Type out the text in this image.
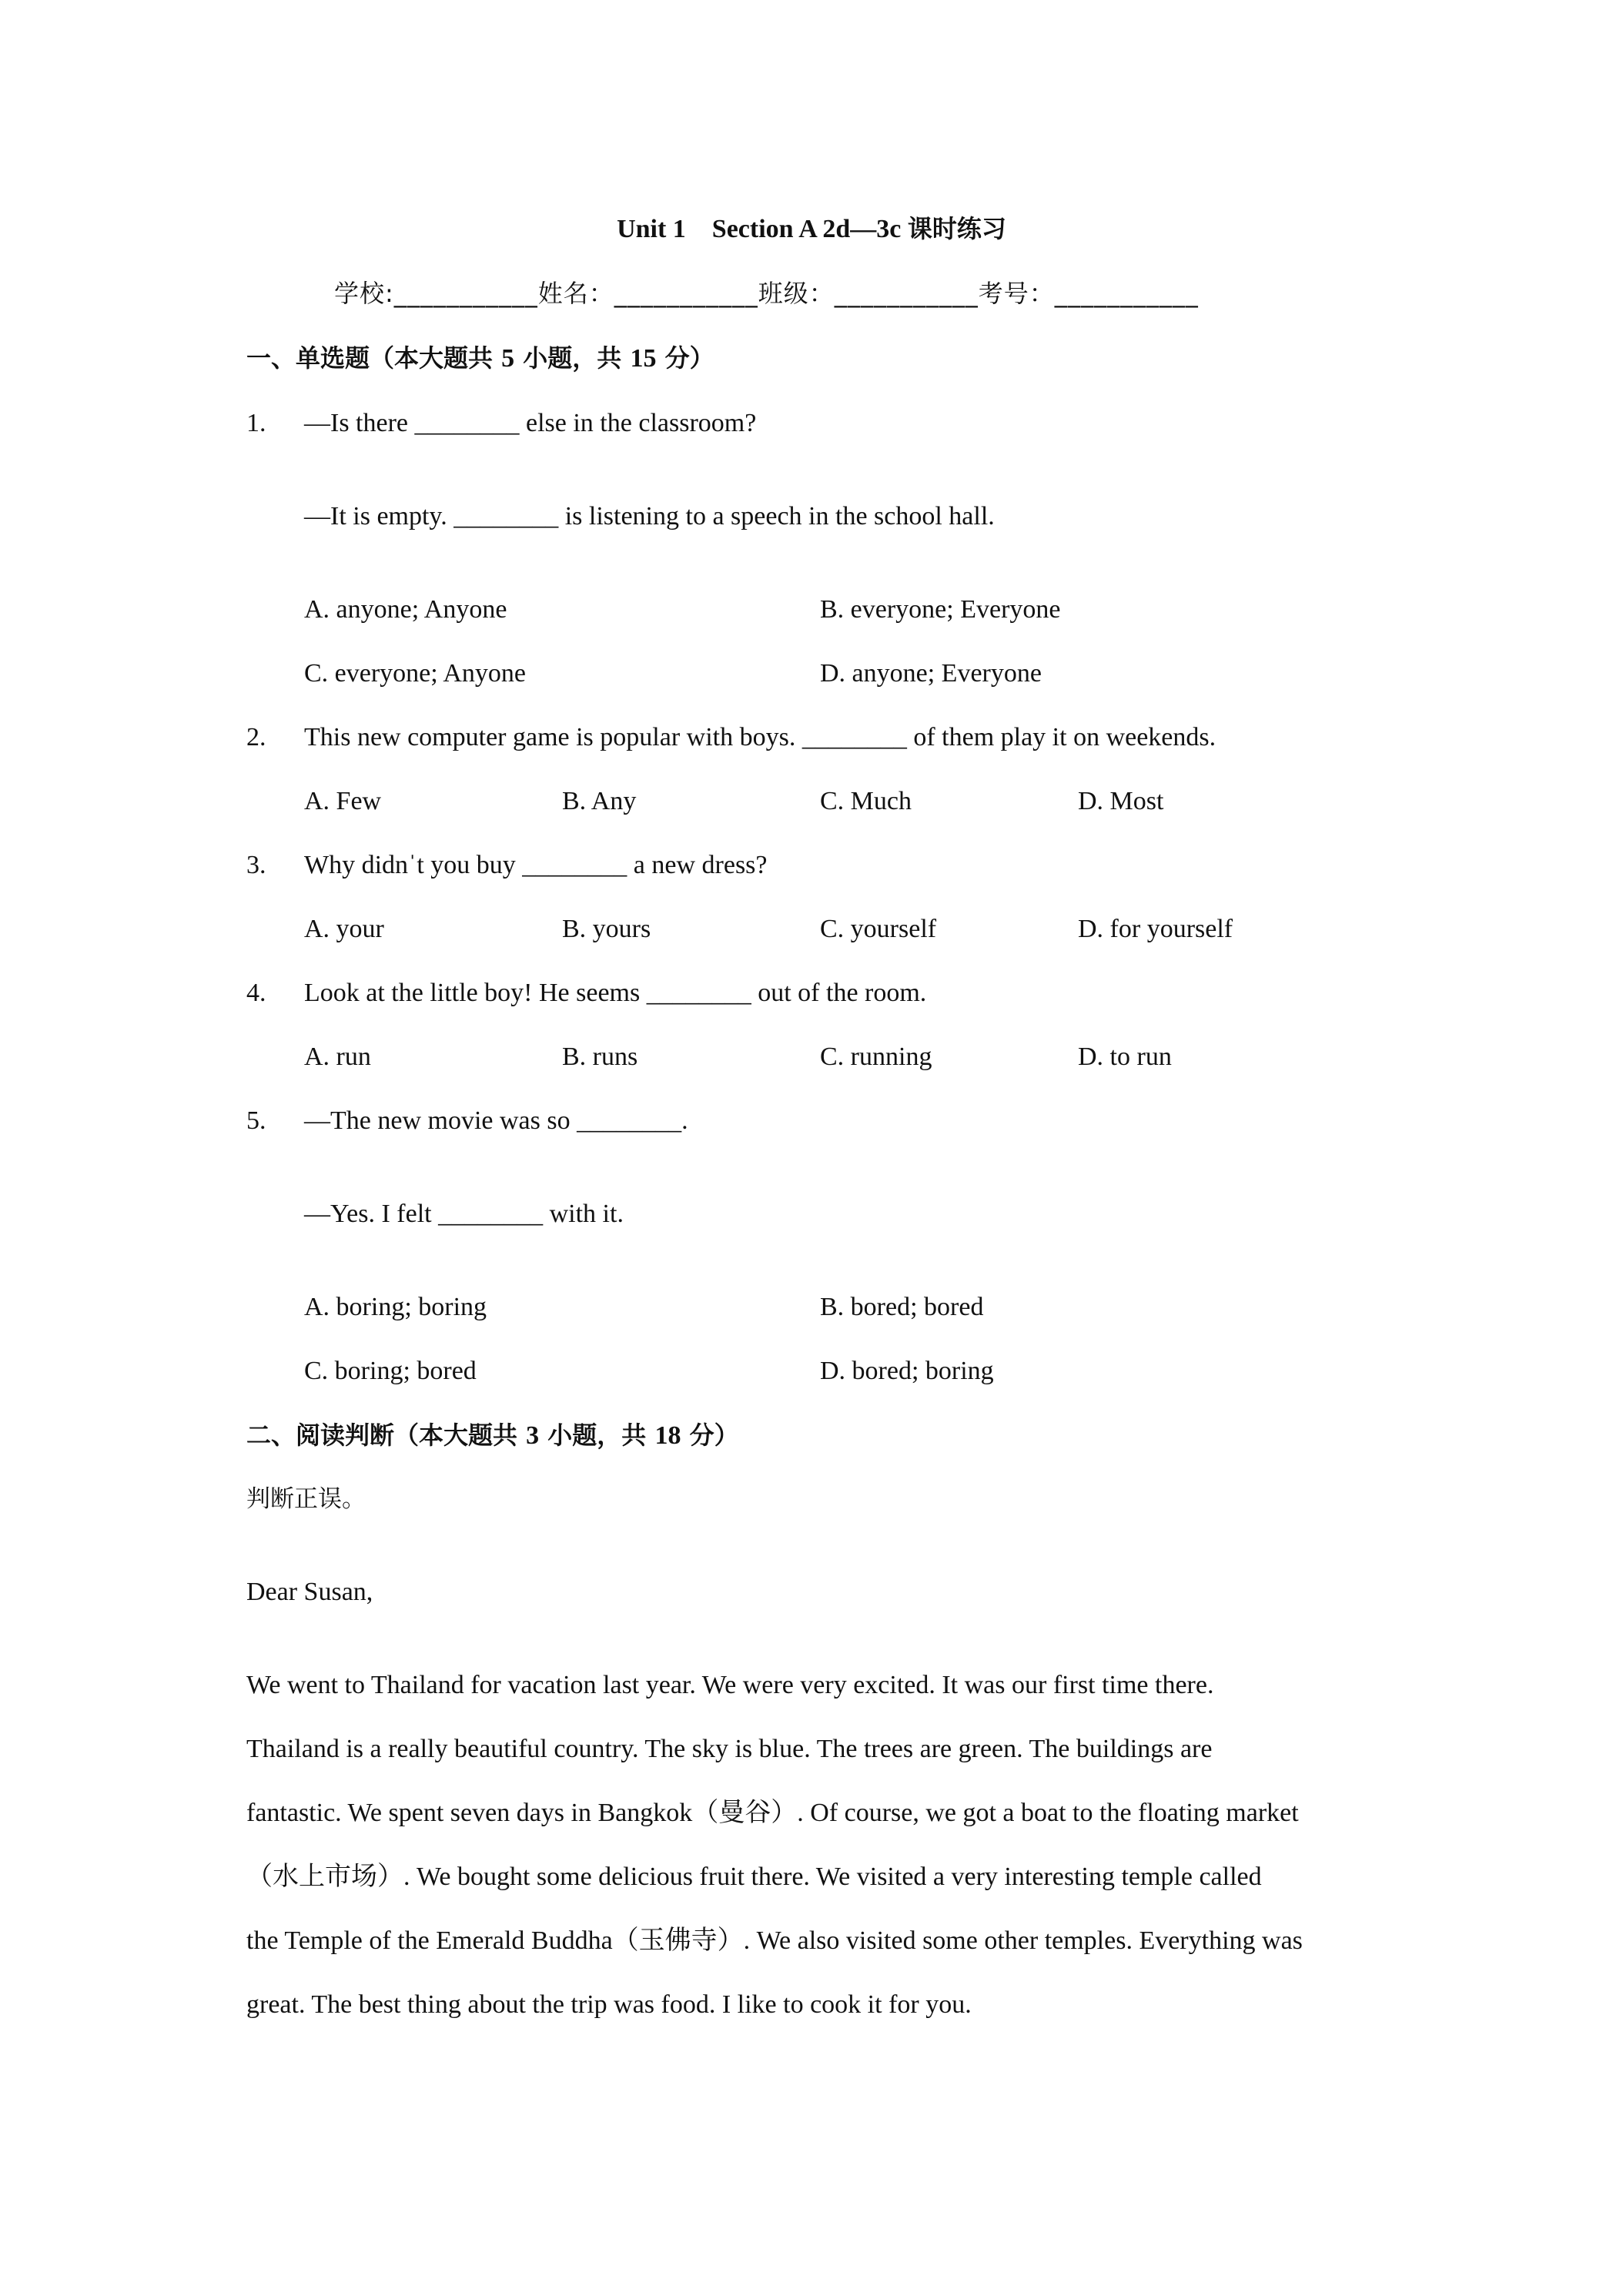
Unit 1    Section A 2d—3c 课时练习
学校:___________姓名：___________班级：___________考号：___________
一、单选题（本大题共 5 小题，共 15 分）
1. —Is there ________ else in the classroom?
—It is empty. ________ is listening to a speech in the school hall.
A. anyone; Anyone	B. everyone; Everyone
C. everyone; Anyone	D. anyone; Everyone
2. This new computer game is popular with boys. ________ of them play it on weekends.
A. Few	B. Any	C. Much	D. Most
3. Why didnˈt you buy ________ a new dress?
A. your	B. yours	C. yourself	D. for yourself
4. Look at the little boy! He seems ________ out of the room.
A. run	B. runs	C. running	D. to run
5. —The new movie was so ________.
—Yes. I felt ________ with it.
A. boring; boring	B. bored; bored
C. boring; bored	D. bored; boring
二、阅读判断（本大题共 3 小题，共 18 分）
判断正误。
Dear Susan,
We went to Thailand for vacation last year. We were very excited. It was our first time there.
Thailand is a really beautiful country. The sky is blue. The trees are green. The buildings are
fantastic. We spent seven days in Bangkok（曼谷）. Of course, we got a boat to the floating market
（水上市场）. We bought some delicious fruit there. We visited a very interesting temple called
the Temple of the Emerald Buddha（玉佛寺）. We also visited some other temples. Everything was
great. The best thing about the trip was food. I like to cook it for you.
